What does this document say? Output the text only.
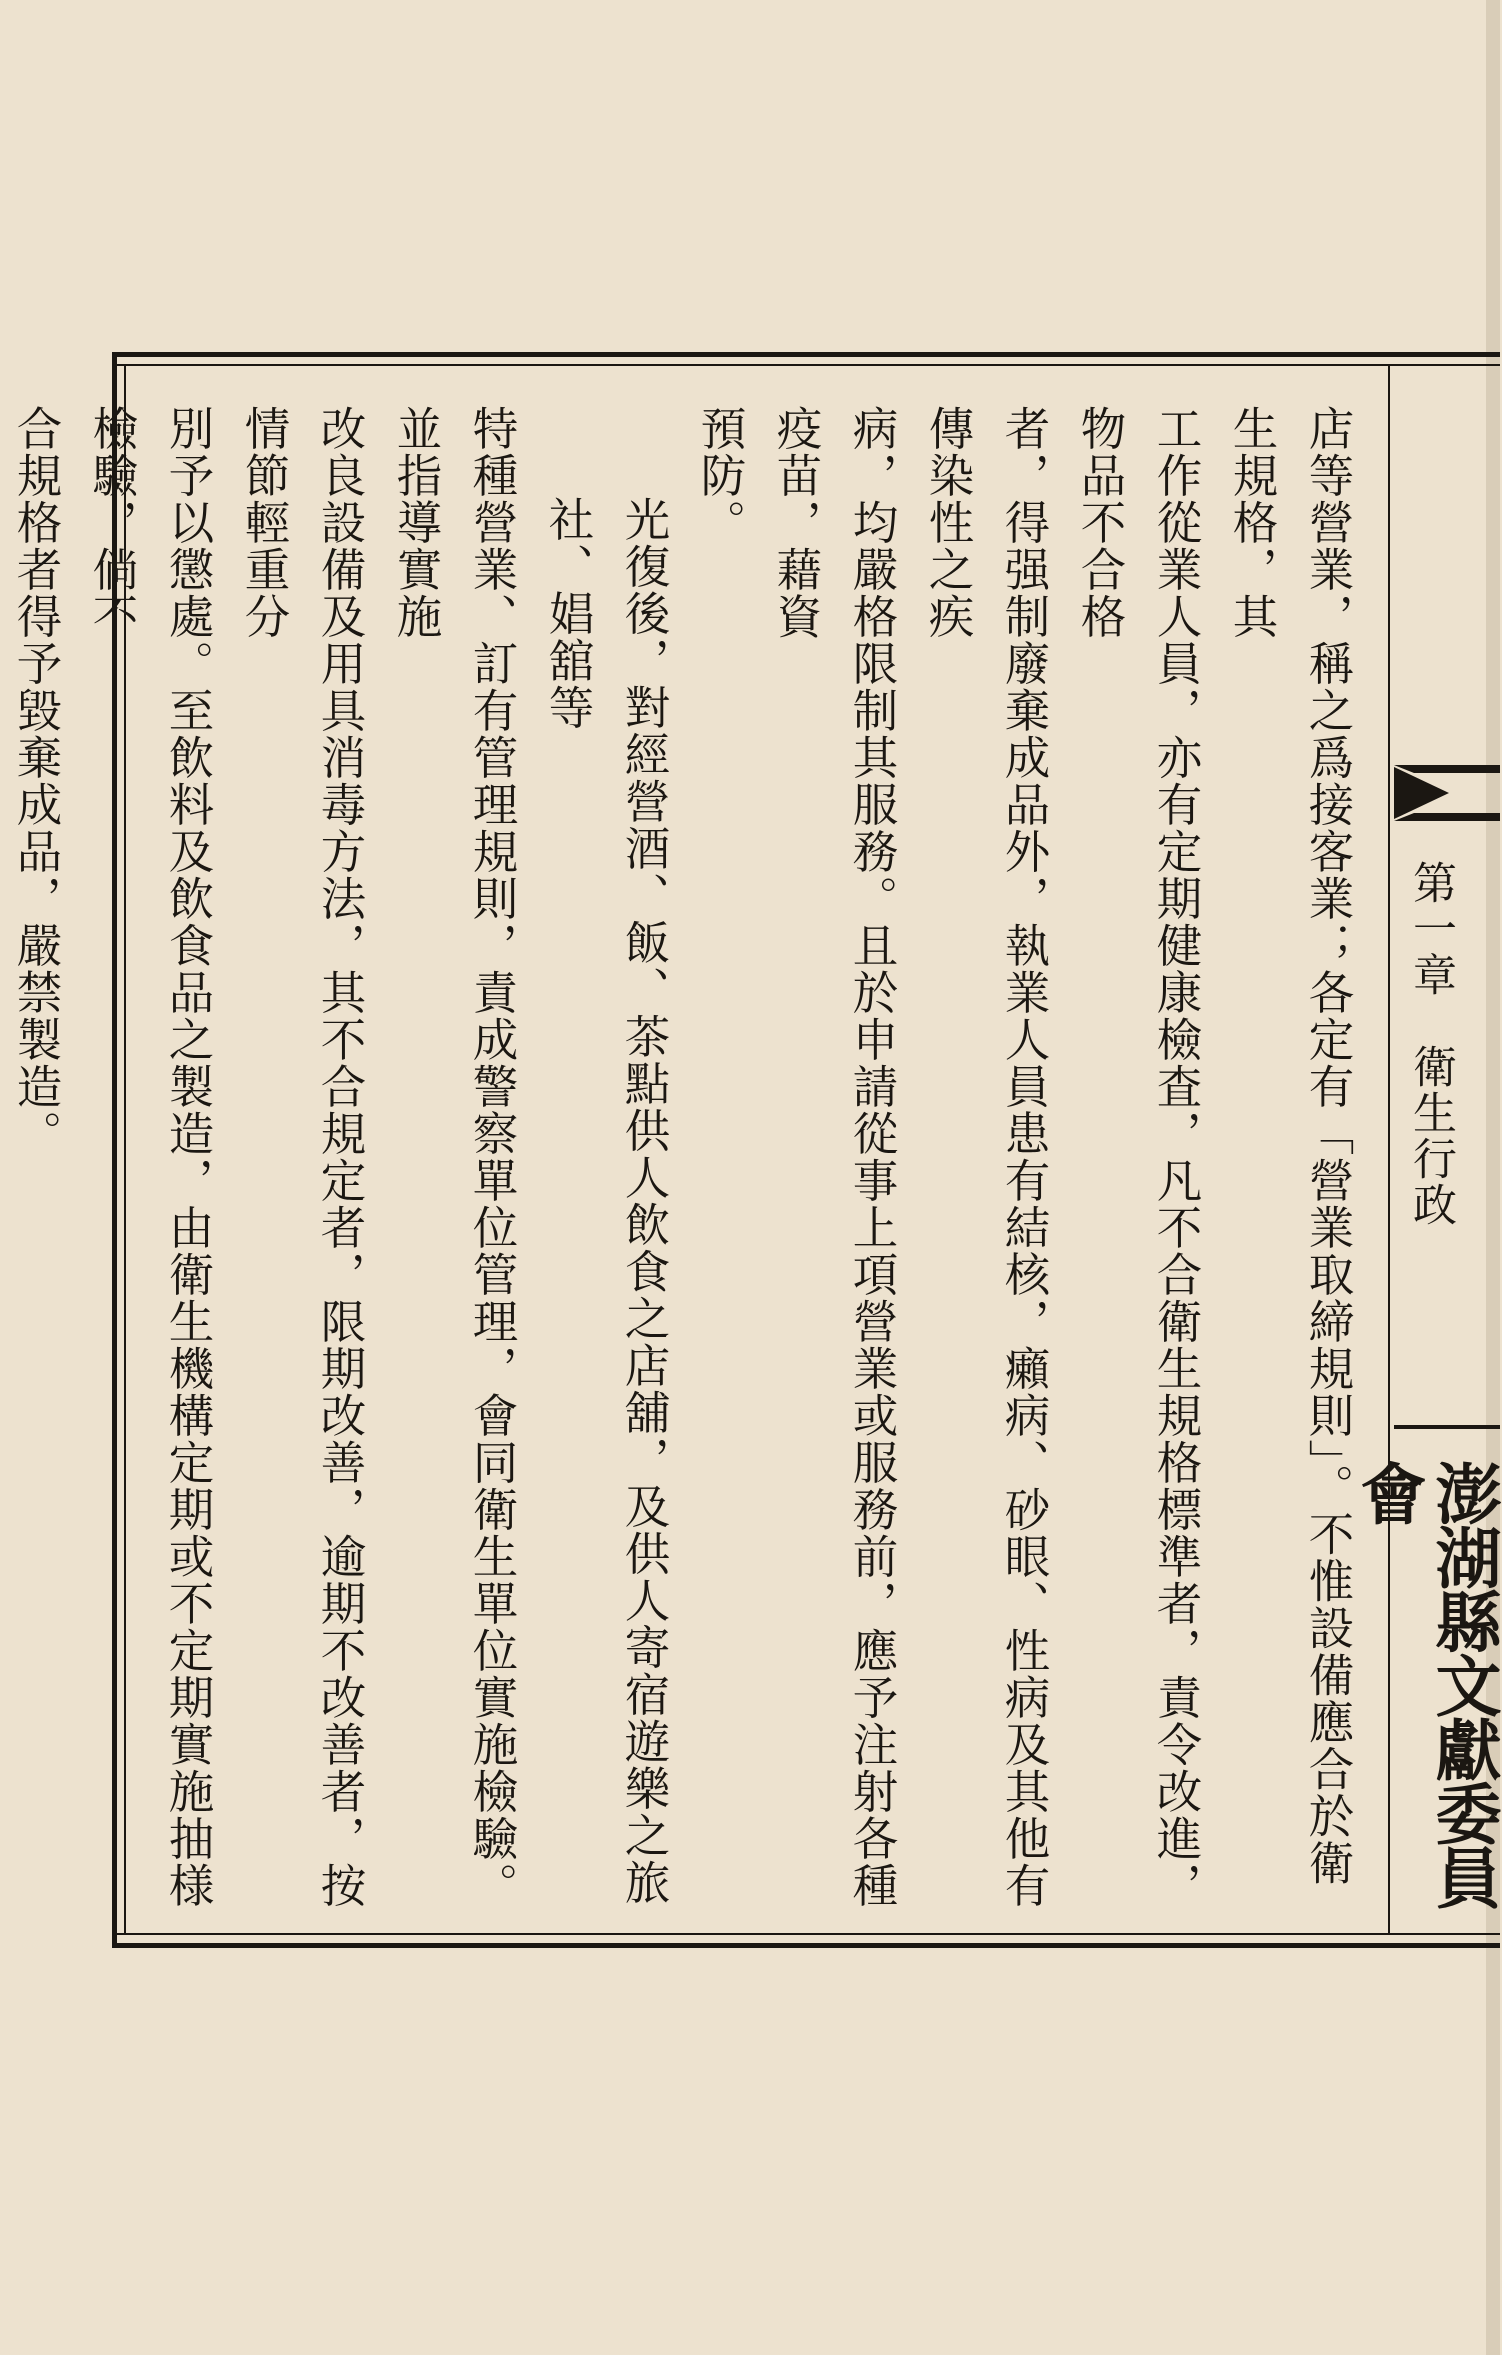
第一章　衛生行政
澎湖縣文獻委員會

店等營業，稱之爲接客業；各定有「營業取締規則」。不惟設備應合於衛生規格，其

工作從業人員，亦有定期健康檢査，凡不合衛生規格標準者，責令改進，物品不合格

者，得强制廢棄成品外，執業人員患有結核，癩病、砂眼、性病及其他有傳染性之疾

病，均嚴格限制其服務。且於申請從事上項營業或服務前，應予注射各種疫苗，藉資

預防。

光復後，對經營酒、飯、茶點供人飲食之店舖，及供人寄宿遊樂之旅社、娼舘等

特種營業、訂有管理規則，責成警察單位管理，會同衛生單位實施檢驗。並指導實施

改良設備及用具消毒方法，其不合規定者，限期改善，逾期不改善者，按情節輕重分

別予以懲處。至飲料及飲食品之製造，由衛生機構定期或不定期實施抽様檢驗，倘不

合規格者得予毀棄成品，嚴禁製造。
